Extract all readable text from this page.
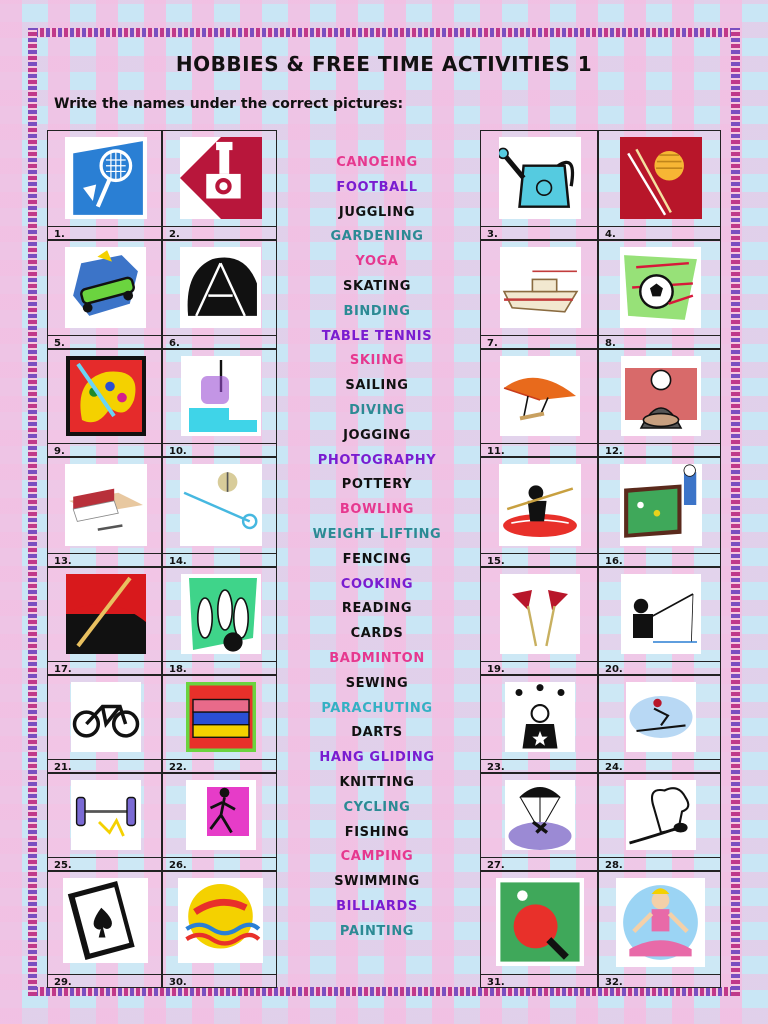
HOBBIES & FREE TIME ACTIVITIES 1
Write the names under the correct pictures:
1.	2.	3.	4.
5.	6.	7.	8.
9.	10.	11.	12.
13.	14.	15.	16.
17.	18.	19.	20.
21.	22.	23.	24.
25.	26.	27.	28.
29.	30.	31.	32.
CANOEING
FOOTBALL
JUGGLING
GARDENING
YOGA
SKATING
BINDING
TABLE TENNIS
SKIING
SAILING
DIVING
JOGGING
PHOTOGRAPHY
POTTERY
BOWLING
WEIGHT LIFTING
FENCING
COOKING
READING
CARDS
BADMINTON
SEWING
PARACHUTING
DARTS
HANG GLIDING
KNITTING
CYCLING
FISHING
CAMPING
SWIMMING
BILLIARDS
PAINTING
